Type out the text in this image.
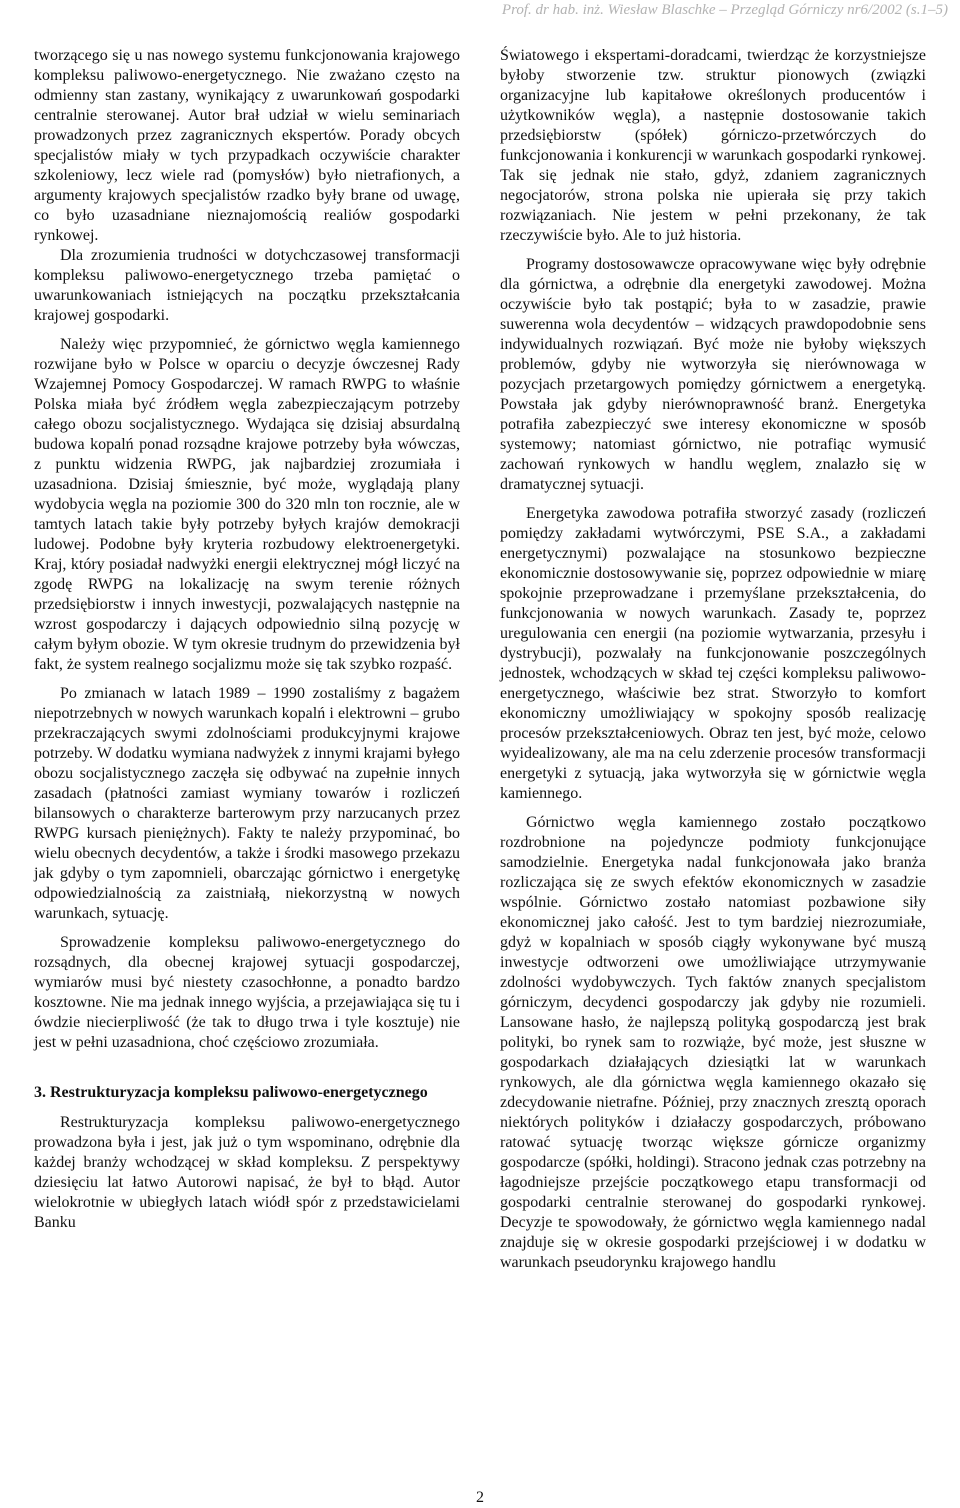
Prof. dr hab. inż. Wiesław Blaschke – Przegląd Górniczy nr6/2002 (s.1–5)

tworzącego się u nas nowego systemu funkcjonowania krajowego kompleksu paliwowo-energetycznego. Nie zważano często na odmienny stan zastany, wynikający z uwarunkowań gospodarki centralnie sterowanej. Autor brał udział w wielu seminariach prowadzonych przez zagranicznych ekspertów. Porady obcych specjalistów miały w tych przypadkach oczywiście charakter szkoleniowy, lecz wiele rad (pomysłów) było nietrafionych, a argumenty krajowych specjalistów rzadko były brane od uwagę, co było uzasadniane nieznajomością realiów gospodarki rynkowej.

Dla zrozumienia trudności w dotychczasowej transformacji kompleksu paliwowo-energetycznego trzeba pamiętać o uwarunkowaniach istniejących na początku przekształcania krajowej gospodarki.

Należy więc przypomnieć, że górnictwo węgla kamiennego rozwijane było w Polsce w oparciu o decyzje ówczesnej Rady Wzajemnej Pomocy Gospodarczej. W ramach RWPG to właśnie Polska miała być źródłem węgla zabezpieczającym potrzeby całego obozu socjalistycznego. Wydająca się dzisiaj absurdalną budowa kopalń ponad rozsądne krajowe potrzeby była wówczas, z punktu widzenia RWPG, jak najbardziej zrozumiała i uzasadniona. Dzisiaj śmiesznie, być może, wyglądają plany wydobycia węgla na poziomie 300 do 320 mln ton rocznie, ale w tamtych latach takie były potrzeby byłych krajów demokracji ludowej. Podobne były kryteria rozbudowy elektroenergetyki. Kraj, który posiadał nadwyżki energii elektrycznej mógł liczyć na zgodę RWPG na lokalizację na swym terenie różnych przedsiębiorstw i innych inwestycji, pozwalających następnie na wzrost gospodarczy i dających odpowiednio silną pozycję w całym byłym obozie. W tym okresie trudnym do przewidzenia był fakt, że system realnego socjalizmu może się tak szybko rozpaść.

Po zmianach w latach 1989 – 1990 zostaliśmy z bagażem niepotrzebnych w nowych warunkach kopalń i elektrowni – grubo przekraczających swymi zdolnościami produkcyjnymi krajowe potrzeby. W dodatku wymiana nadwyżek z innymi krajami byłego obozu socjalistycznego zaczęła się odbywać na zupełnie innych zasadach (płatności zamiast wymiany towarów i rozliczeń bilansowych o charakterze barterowym przy narzucanych przez RWPG kursach pieniężnych). Fakty te należy przypominać, bo wielu obecnych decydentów, a także i środki masowego przekazu jak gdyby o tym zapomnieli, obarczając górnictwo i energetykę odpowiedzialnością za zaistniałą, niekorzystną w nowych warunkach, sytuację.

Sprowadzenie kompleksu paliwowo-energetycznego do rozsądnych, dla obecnej krajowej sytuacji gospodarczej, wymiarów musi być niestety czasochłonne, a ponadto bardzo kosztowne. Nie ma jednak innego wyjścia, a przejawiająca się tu i ówdzie niecierpliwość (że tak to długo trwa i tyle kosztuje) nie jest w pełni uzasadniona, choć częściowo zrozumiała.

3. Restrukturyzacja kompleksu paliwowo-energetycznego

Restrukturyzacja kompleksu paliwowo-energetycznego prowadzona była i jest, jak już o tym wspominano, odrębnie dla każdej branży wchodzącej w skład kompleksu. Z perspektywy dziesięciu lat łatwo Autorowi napisać, że był to błąd. Autor wielokrotnie w ubiegłych latach wiódł spór z przedstawicielami Banku

Światowego i ekspertami-doradcami, twierdząc że korzystniejsze byłoby stworzenie tzw. struktur pionowych (związki organizacyjne lub kapitałowe określonych producentów i użytkowników węgla), a następnie dostosowanie takich przedsiębiorstw (spółek) górniczo-przetwórczych do funkcjonowania i konkurencji w warunkach gospodarki rynkowej. Tak się jednak nie stało, gdyż, zdaniem zagranicznych negocjatorów, strona polska nie upierała się przy takich rozwiązaniach. Nie jestem w pełni przekonany, że tak rzeczywiście było. Ale to już historia.

Programy dostosowawcze opracowywane więc były odrębnie dla górnictwa, a odrębnie dla energetyki zawodowej. Można oczywiście było tak postąpić; była to w zasadzie, prawie suwerenna wola decydentów – widzących prawdopodobnie sens indywidualnych rozwiązań. Być może nie byłoby większych problemów, gdyby nie wytworzyła się nierównowaga w pozycjach przetargowych pomiędzy górnictwem a energetyką. Powstała jak gdyby nierównoprawność branż. Energetyka potrafiła zabezpieczyć swe interesy ekonomiczne w sposób systemowy; natomiast górnictwo, nie potrafiąc wymusić zachowań rynkowych w handlu węglem, znalazło się w dramatycznej sytuacji.

Energetyka zawodowa potrafiła stworzyć zasady (rozliczeń pomiędzy zakładami wytwórczymi, PSE S.A., a zakładami energetycznymi) pozwalające na stosunkowo bezpieczne ekonomicznie dostosowywanie się, poprzez odpowiednie w miarę spokojnie przeprowadzane i przemyślane przekształcenia, do funkcjonowania w nowych warunkach. Zasady te, poprzez uregulowania cen energii (na poziomie wytwarzania, przesyłu i dystrybucji), pozwalały na funkcjonowanie poszczególnych jednostek, wchodzących w skład tej części kompleksu paliwowo-energetycznego, właściwie bez strat. Stworzyło to komfort ekonomiczny umożliwiający w spokojny sposób realizację procesów przekształceniowych. Obraz ten jest, być może, celowo wyidealizowany, ale ma na celu zderzenie procesów transformacji energetyki z sytuacją, jaka wytworzyła się w górnictwie węgla kamiennego.

Górnictwo węgla kamiennego zostało początkowo rozdrobnione na pojedyncze podmioty funkcjonujące samodzielnie. Energetyka nadal funkcjonowała jako branża rozliczająca się ze swych efektów ekonomicznych w zasadzie wspólnie. Górnictwo zostało natomiast pozbawione siły ekonomicznej jako całość. Jest to tym bardziej niezrozumiałe, gdyż w kopalniach w sposób ciągły wykonywane być muszą inwestycje odtworzeni owe umożliwiające utrzymywanie zdolności wydobywczych. Tych faktów znanych specjalistom górniczym, decydenci gospodarczy jak gdyby nie rozumieli. Lansowane hasło, że najlepszą polityką gospodarczą jest brak polityki, bo rynek sam to rozwiąże, być może, jest słuszne w gospodarkach działających dziesiątki lat w warunkach rynkowych, ale dla górnictwa węgla kamiennego okazało się zdecydowanie nietrafne. Później, przy znacznych zresztą oporach niektórych polityków i działaczy gospodarczych, próbowano ratować sytuację tworząc większe górnicze organizmy gospodarcze (spółki, holdingi). Stracono jednak czas potrzebny na łagodniejsze przejście początkowego etapu transformacji od gospodarki centralnie sterowanej do gospodarki rynkowej. Decyzje te spowodowały, że górnictwo węgla kamiennego nadal znajduje się w okresie gospodarki przejściowej i w dodatku w warunkach pseudorynku krajowego handlu

2
